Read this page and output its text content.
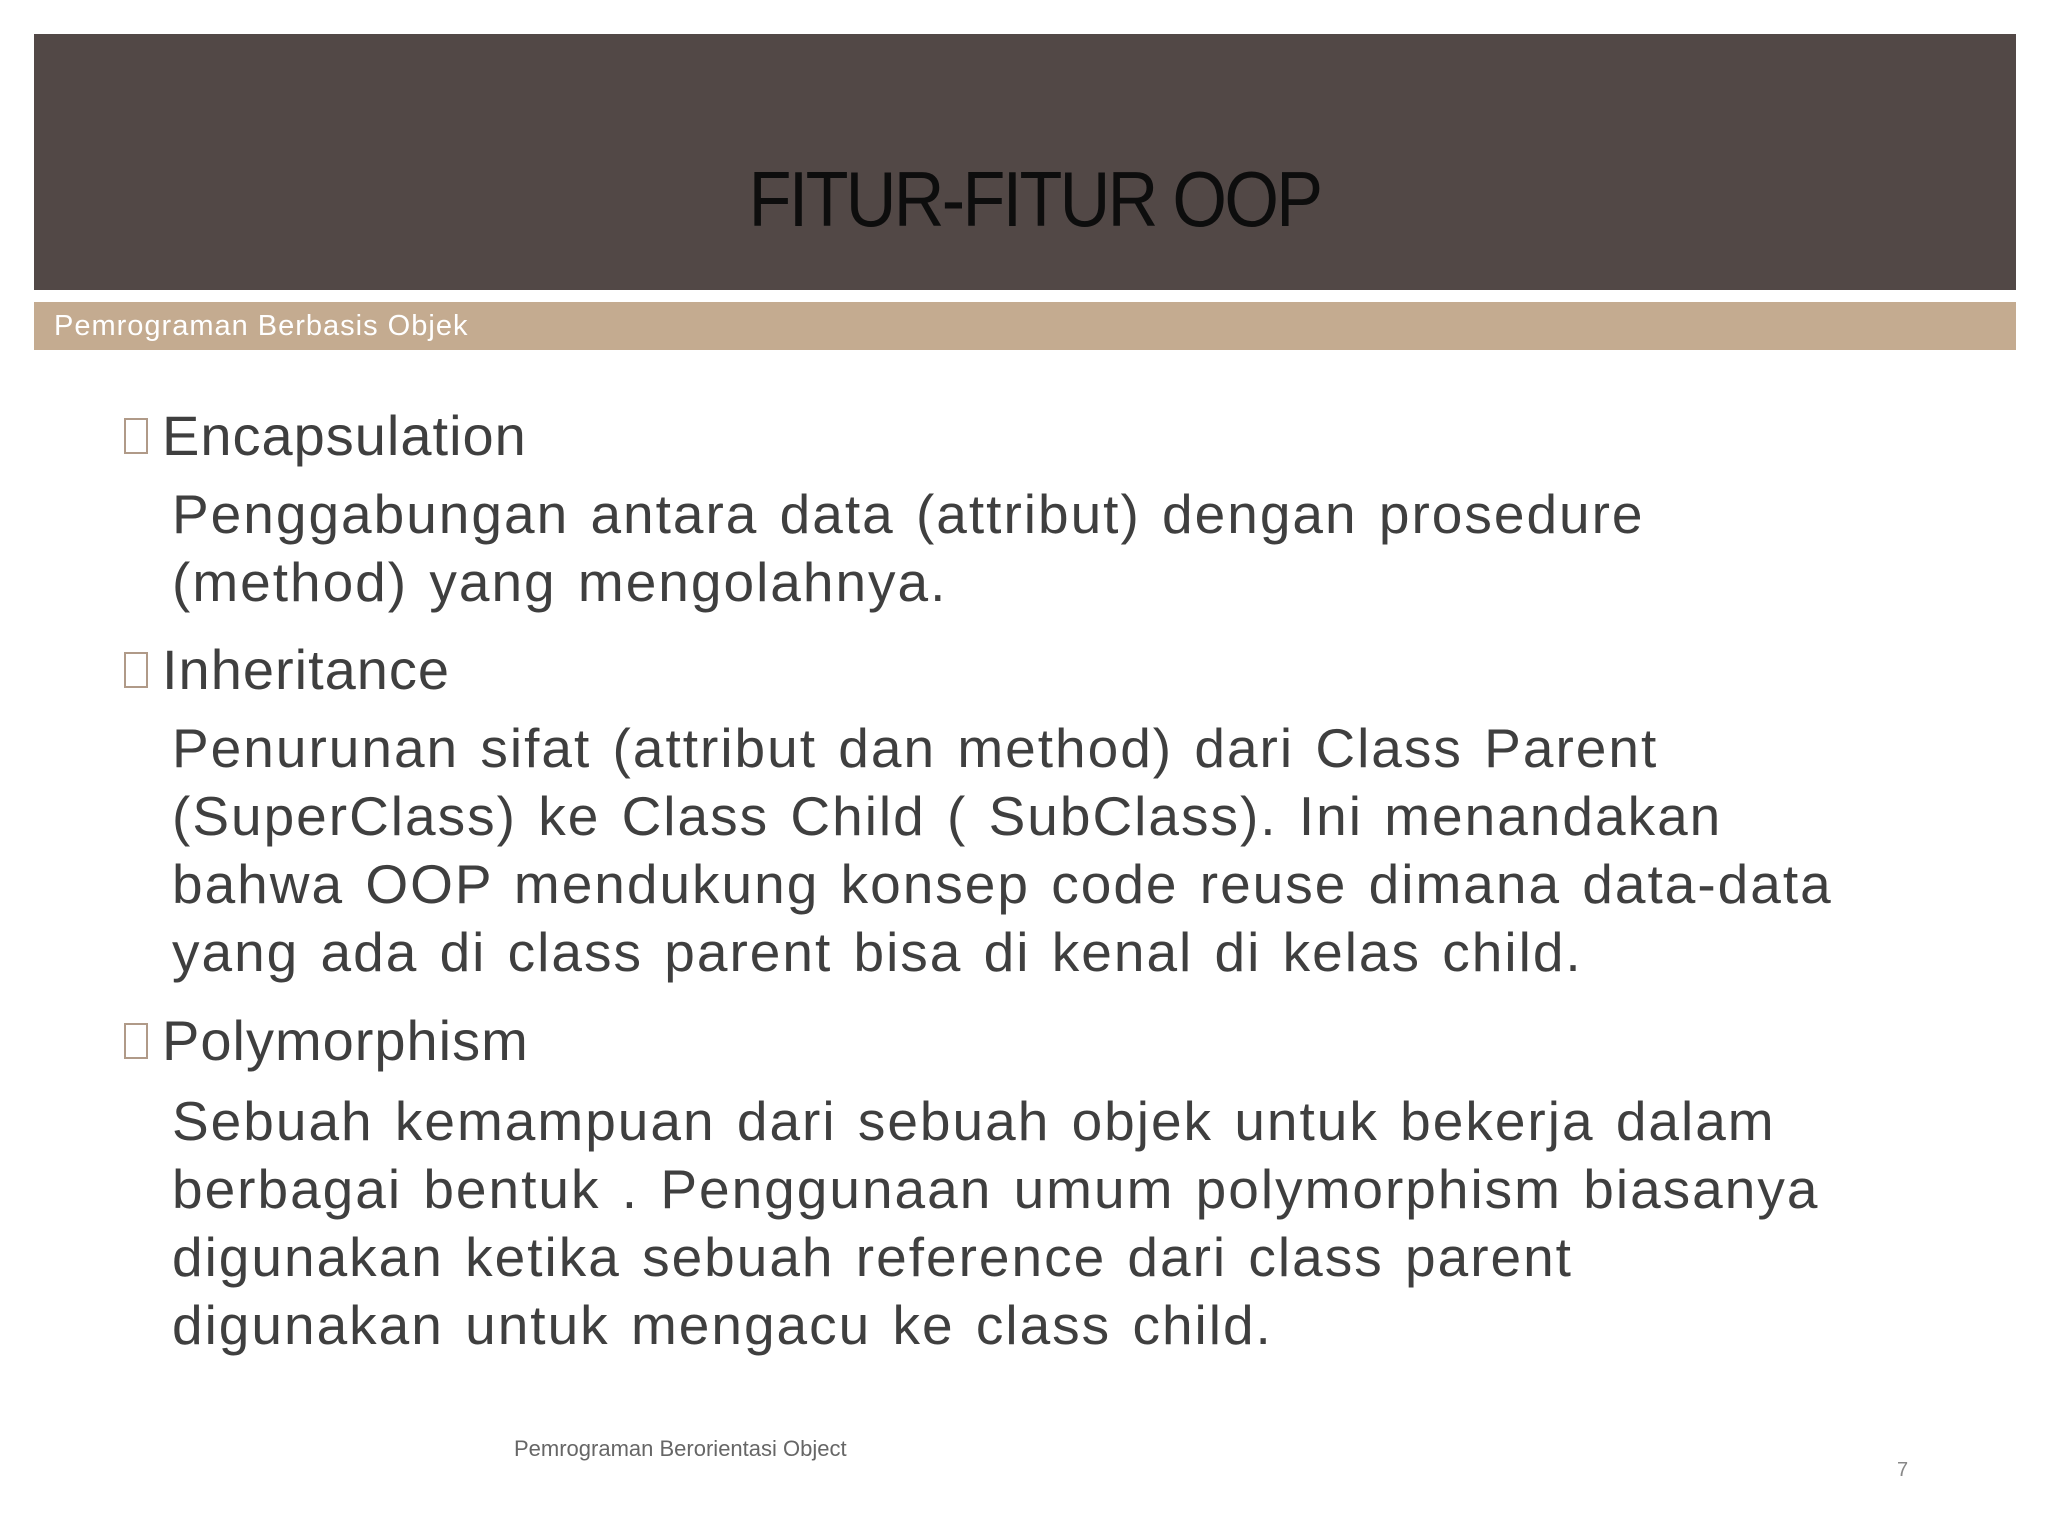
FITUR-FITUR OOP
Pemrograman Berbasis Objek
Encapsulation
Penggabungan antara data (attribut) dengan prosedure
(method) yang mengolahnya.
Inheritance
Penurunan sifat (attribut dan method) dari Class Parent
(SuperClass) ke Class Child ( SubClass). Ini menandakan
bahwa OOP mendukung konsep code reuse dimana data-data
yang ada di class parent bisa di kenal di kelas child.
Polymorphism
Sebuah kemampuan dari sebuah objek untuk bekerja dalam
berbagai bentuk . Penggunaan umum polymorphism biasanya
digunakan ketika sebuah reference dari class parent
digunakan untuk mengacu ke class child.
Pemrograman Berorientasi Object
7
